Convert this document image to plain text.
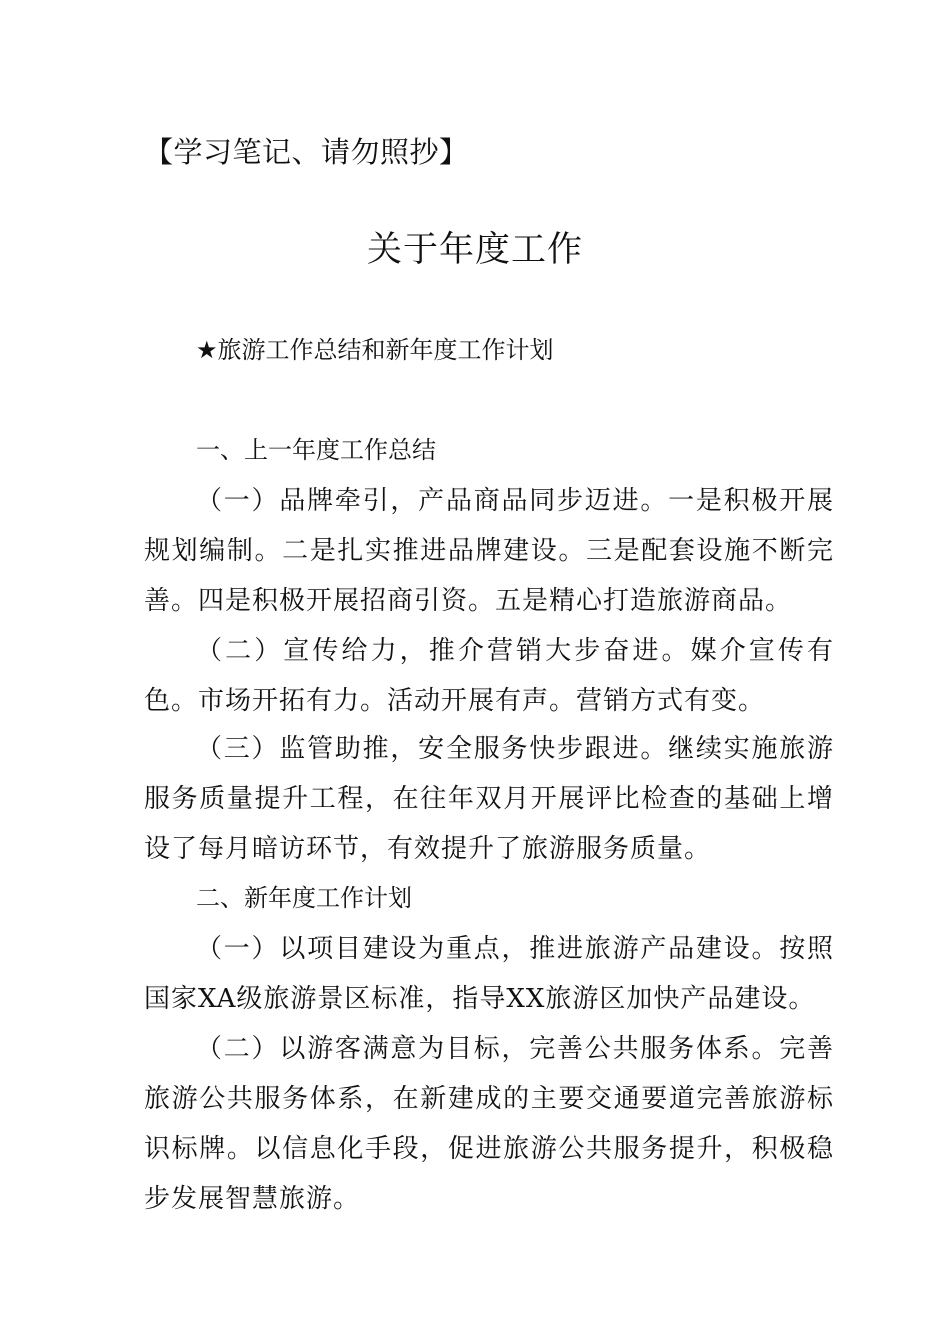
【学习笔记、请勿照抄】
关于年度工作
★旅游工作总结和新年度工作计划
一、上一年度工作总结

（一）品牌牵引，产品商品同步迈进。一是积极开展规划编制。二是扎实推进品牌建设。三是配套设施不断完善。四是积极开展招商引资。五是精心打造旅游商品。

（二）宣传给力，推介营销大步奋进。媒介宣传有色。市场开拓有力。活动开展有声。营销方式有变。

（三）监管助推，安全服务快步跟进。继续实施旅游服务质量提升工程，在往年双月开展评比检查的基础上增设了每月暗访环节，有效提升了旅游服务质量。

二、新年度工作计划

（一）以项目建设为重点，推进旅游产品建设。按照国家XA级旅游景区标准，指导XX旅游区加快产品建设。

（二）以游客满意为目标，完善公共服务体系。完善旅游公共服务体系，在新建成的主要交通要道完善旅游标识标牌。以信息化手段，促进旅游公共服务提升，积极稳步发展智慧旅游。
